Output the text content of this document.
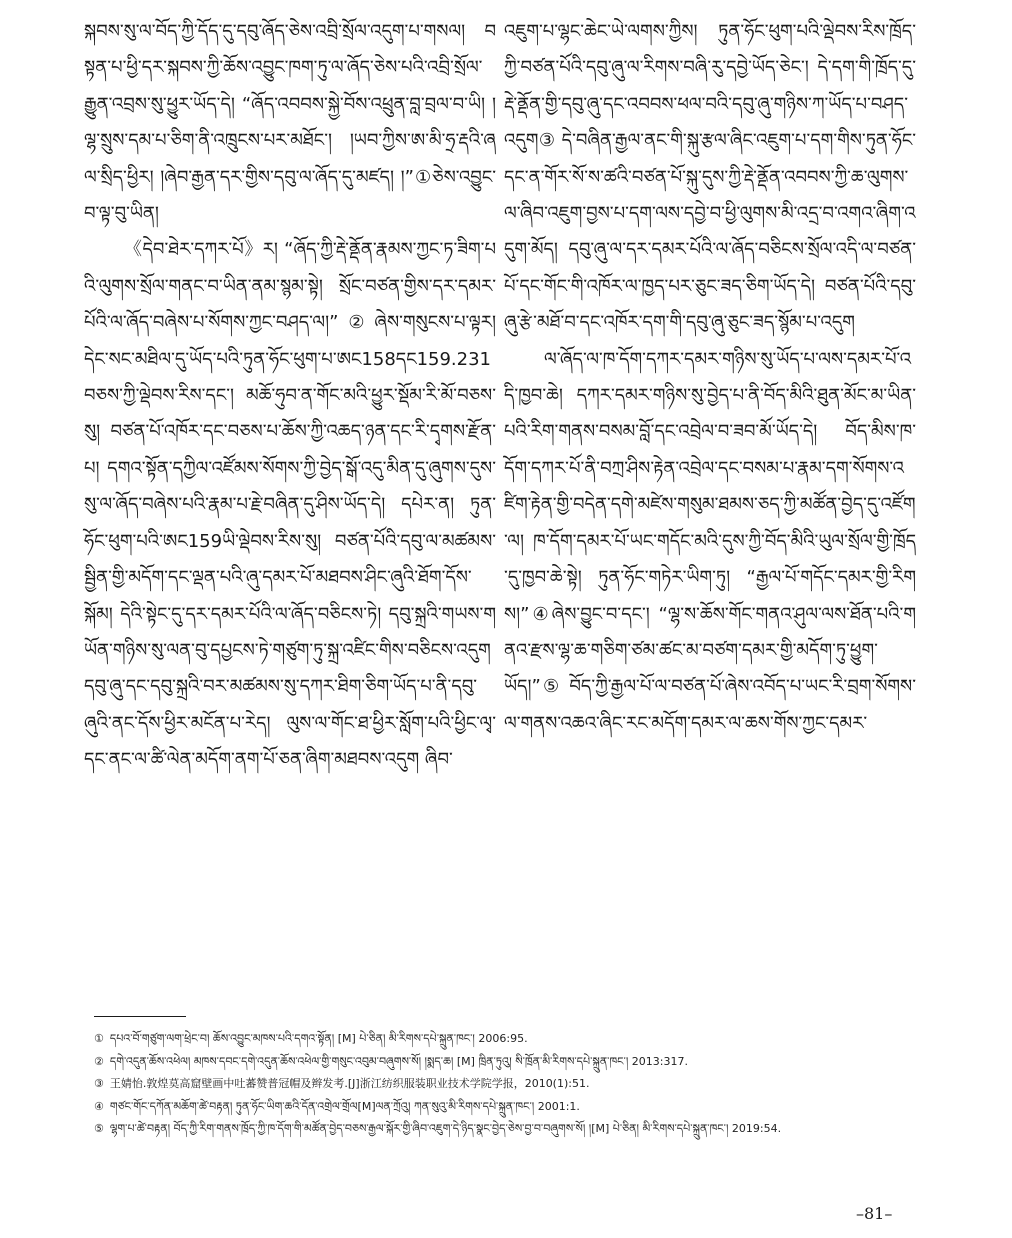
སྐབས་སུ་ལ་བོད་ཀྱི་དོད་དུ་དབུ་ཞོད་ཅེས་འབྲི་སྲོལ་འདུག་པ་གསལ། བསྟན་པ་ཕྱི་དར་སྐབས་ཀྱི་ཆོས་འབྱུང་ཁག་ཏུ་ལ་ཞོད་ཅེས་པའི་འབྲི་སྲོལ་རྒྱུན་འབྲས་སུ་ཕྱུར་ཡོད་དེ། “ཞོད་འབབས་སྐྱེ་བོས་འཕྲུན་བླ་བྲལ་བ་ཡི། །ལྷ་སྲུས་དམ་པ་ཅིག་ནི་འཁྲུངས་པར་མཐོང་། །ཡབ་ཀྱིས་ཨ་མི་ཧྲ་རྡའི་ཞལ་སྲིད་ཕྱིར། །ཞེབ་རྒྱན་དར་གྱིས་དབུ་ལ་ཞོད་དུ་མཛད། །”①ཅེས་འབྱུང་བ་ལྟ་བུ་ཡིན།

《དེབ་ཐེར་དཀར་པོ》ར། “ཞོད་ཀྱི་རྡེ་ནྡོན་རྣམས་ཀྱང་ཏ་ཟིག་པའི་ལུགས་སྲོལ་གནང་བ་ཡིན་ནམ་སྙམ་སྟེ། སྲོང་བཙན་གྱིས་དར་དམར་པོའི་ལ་ཞོད་བཞེས་པ་སོགས་ཀྱང་བཤད་ལ།”②ཞེས་གསུངས་པ་ལྟར། དེང་སང་མཐིལ་དུ་ཡོད་པའི་ཏུན་ཧོང་ཕུག་པ་ཨང158དང159.231བཅས་ཀྱི་ལྡེབས་རིས་དང་། མཆོ་ཧུབ་ན་གོང་མའི་ཕྱུར་སྡོམ་རི་མོ་བཅས་སུ། བཙན་པོ་འཁོར་དང་བཅས་པ་ཆོས་ཀྱི་འཆད་ཉན་དང་རི་དྭགས་རྫོན་པ། དགའ་སྟོན་དཀྱིལ་འཛོམས་སོགས་ཀྱི་བྱེད་སྒོ་འདུ་མིན་དུ་ཞུགས་དུས་སུ་ལ་ཞོད་བཞེས་པའི་རྣམ་པ་རྗེ་བཞིན་དུ་ཤིས་ཡོད་དེ། དཔེར་ན། ཏུན་ཧོང་ཕུག་པའི་ཨང159ཡི་ལྡེབས་རིས་སུ། བཙན་པོའི་དབུ་ལ་མཚམས་སྦྱིན་གྱི་མདོག་དང་ལྡན་པའི་ཞུ་དམར་པོ་མཐབས་ཤིང་ཞུའི་ཐོག་དོས་སྐོམ། དེའི་སྟེང་དུ་དར་དམར་པོའི་ལ་ཞོད་བཅིངས་ཏེ། དབུ་སྐྲའི་གཡས་གཡོན་གཉིས་སུ་ལན་བུ་དཔྱངས་ཏེ་གཙུག་ཏུ་སྐྲ་འཛིང་གིས་བཅིངས་འདུག དབུ་ཞུ་དང་དབུ་སྐྲའི་བར་མཚམས་སུ་དཀར་ཐིག་ཅིག་ཡོད་པ་ནི་དབུ་ཞུའི་ནང་དོས་ཕྱིར་མངོན་པ་རེད། ལུས་ལ་གོང་ཐ་ཕྱིར་སློག་པའི་ཕྱིང་ལྭ་དང་ནང་ལ་ཚི་ལེན་མདོག་ནག་པོ་ཅན་ཞིག་མཐབས་འདུག ཞིབ་

འཇུག་པ་ལྷང་ཆེང་ཡེ་ལགས་ཀྱིས། ཏུན་ཧོང་ཕུག་པའི་ལྡེབས་རིས་ཁྲོད་ཀྱི་བཙན་པོའི་དབུ་ཞུ་ལ་རིགས་བཞི་རུ་དབྱེ་ཡོད་ཅེང་། དེ་དག་གི་ཁྲོད་དུ་རྡེ་ནྡོན་གྱི་དབུ་ཞུ་དང་འབབས་ཕལ་བའི་དབུ་ཞུ་གཉིས་ཀ་ཡོད་པ་བཤད་འདུག③ དེ་བཞིན་རྒྱལ་ནང་གི་སྐུ་རྩལ་ཞིང་འཇུག་པ་དག་གིས་ཏུན་ཧོང་དང་ན་གོར་སོ་ས་ཚའི་བཙན་པོ་སྐུ་དུས་ཀྱི་རྡེ་ནྡོན་འབབས་ཀྱི་ཆ་ལུགས་ལ་ཞིབ་འཇུག་བྱས་པ་དག་ལས་དབྱེ་བ་ཕྱི་ལུགས་མི་འདྲ་བ་འགའ་ཞིག་འདུག་མོད། དབུ་ཞུ་ལ་དར་དམར་པོའི་ལ་ཞོད་བཅིངས་སྲོལ་འདི་ལ་བཙན་པོ་དང་གོང་གི་འཁོར་ལ་ཁྱད་པར་ཅུང་ཟད་ཅིག་ཡོད་དེ། བཙན་པོའི་དབུ་ཞུ་རྩེ་མཐོ་བ་དང་འཁོར་དག་གི་དབུ་ཞུ་ཅུང་ཟད་སྙོམ་པ་འདུག

ལ་ཞོད་ལ་ཁ་དོག་དཀར་དམར་གཉིས་སུ་ཡོད་པ་ལས་དམར་པོ་འདི་ཁྱབ་ཆེ། དཀར་དམར་གཉིས་སུ་བྱེད་པ་ནི་བོད་མིའི་ཐུན་མོང་མ་ཡིན་པའི་རིག་གནས་བསམ་བློ་དང་འབྲེལ་བ་ཟབ་མོ་ཡོད་དེ། བོད་མིས་ཁ་དོག་དཀར་པོ་ནི་བཀྲ་ཤིས་རྟེན་འབྲེལ་དང་བསམ་པ་རྣམ་དག་སོགས་འཛིག་རྟེན་གྱི་བདེན་དགེ་མཛེས་གསུམ་ཐམས་ཅད་ཀྱི་མཚོན་བྱེད་དུ་འཛོག་ལ། ཁ་དོག་དམར་པོ་ཡང་གདོང་མའི་དུས་ཀྱི་བོད་མིའི་ཡུལ་སྲོལ་གྱི་ཁྲོད་དུ་ཁྱབ་ཆེ་སྟེ། ཏུན་ཧོང་གཏེར་ཡིག་ཏུ། “རྒྱལ་པོ་གདོང་དམར་གྱི་རིགས།”④ཞེས་བྱུང་བ་དང་། “ལྷ་ས་ཆོས་གོང་གནའ་ཤུལ་ལས་ཐོན་པའི་གནའ་རྫས་ལྷ་ཆ་གཅིག་ཙམ་ཚང་མ་བཙག་དམར་གྱི་མདོག་ཏུ་ཕྱུག་ཡོད།”⑤ བོད་ཀྱི་རྒྱལ་པོ་ལ་བཙན་པོ་ཞེས་འབོད་པ་ཡང་རི་བྲག་སོགས་ལ་གནས་འཆའ་ཞིང་རང་མདོག་དམར་ལ་ཆས་གོས་ཀྱང་དམར་

① དཔའ་བོ་གཙུག་ལག་ཕྲེང་བ། ཆོས་འབྱུང་མཁས་པའི་དགའ་སྟོན། [M] པེ་ཅིན། མི་རིགས་དཔེ་སྐྲུན་ཁང་། 2006:95.

② དགེ་འདུན་ཆོས་འཕེལ། མཁས་དབང་དགེ་འདུན་ཆོས་འཕེལ་གྱི་གསུང་འབུམ་བཞུགས་སོ། །སྨད་ཆ། [M] ཁྲིན་ཏུའུ། སི་ཁྲོན་མི་རིགས་དཔེ་སྐྲུན་ཁང་། 2013:317.

③ 王婧怡.敦煌莫高窟壁画中吐蕃赞普冠帽及辫发考.[J]浙江纺织服装职业技术学院学报，2010(1):51.

④ གཙང་གོང་དཀོན་མཆོག་ཚེ་བརྟན། ཏུན་ཧོང་ཡིག་ཆའི་དོན་འགྲེལ་གྲོལ[M]ལན་ཀྲོའུ། ཀན་སུའུ་མི་རིགས་དཔེ་སྐྲུན་ཁང་། 2001:1.

⑤ ལྷག་པ་ཚེ་བརྟན། བོད་ཀྱི་རིག་གནས་ཁྲོད་ཀྱི་ཁ་དོག་གི་མཚོན་བྱེད་བཅས་རྒྱལ་སྐོར་གྱི་ཞིབ་འཇུག་དེ་ཉིད་སྣང་བྱེད་ཅེས་བྱ་བ་བཞུགས་སོ། །[M] པེ་ཅིན། མི་རིགས་དཔེ་སྐྲུན་ཁང་། 2019:54.

–81–
